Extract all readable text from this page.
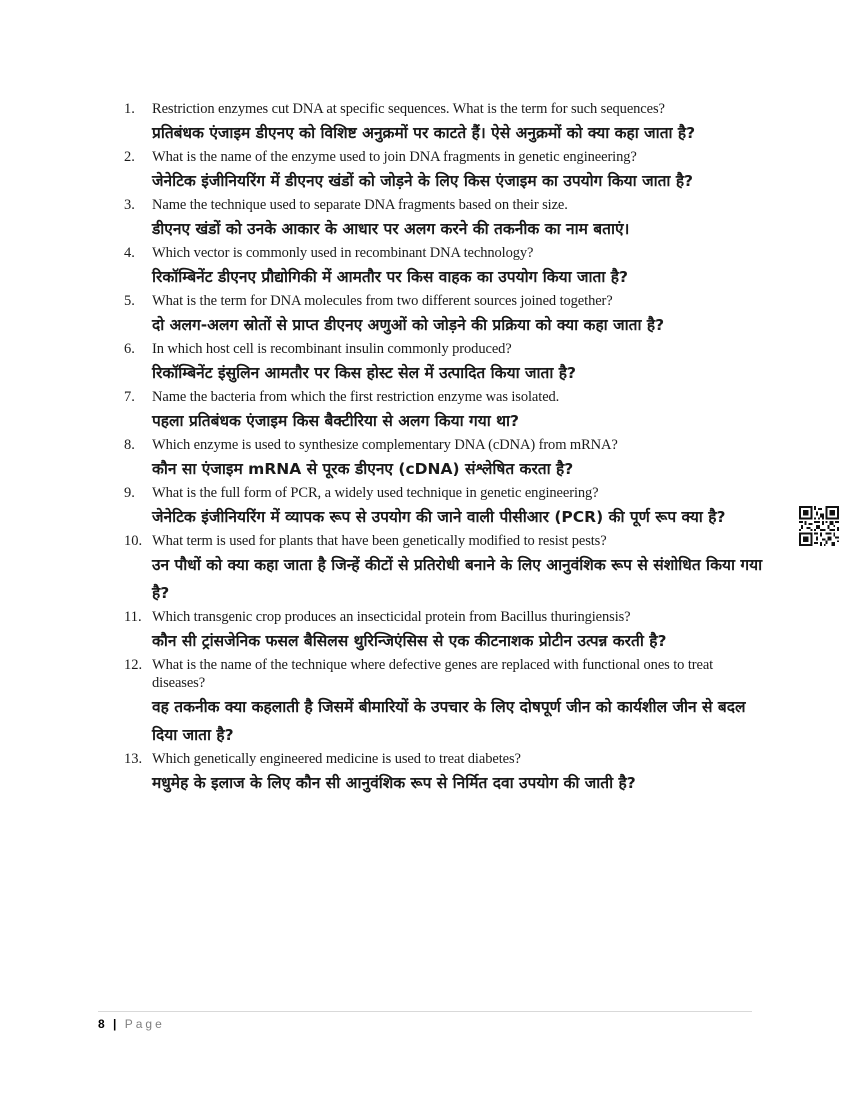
1.	Restriction enzymes cut DNA at specific sequences. What is the term for such sequences?
प्रतिबंधक एंजाइम डीएनए को विशिष्ट अनुक्रमों पर काटते हैं। ऐसे अनुक्रमों को क्या कहा जाता है?
2.	What is the name of the enzyme used to join DNA fragments in genetic engineering?
जेनेटिक इंजीनियरिंग में डीएनए खंडों को जोड़ने के लिए किस एंजाइम का उपयोग किया जाता है?
3.	Name the technique used to separate DNA fragments based on their size.
डीएनए खंडों को उनके आकार के आधार पर अलग करने की तकनीक का नाम बताएं।
4.	Which vector is commonly used in recombinant DNA technology?
रिकॉम्बिनेंट डीएनए प्रौद्योगिकी में आमतौर पर किस वाहक का उपयोग किया जाता है?
5.	What is the term for DNA molecules from two different sources joined together?
दो अलग-अलग स्रोतों से प्राप्त डीएनए अणुओं को जोड़ने की प्रक्रिया को क्या कहा जाता है?
6.	In which host cell is recombinant insulin commonly produced?
रिकॉम्बिनेंट इंसुलिन आमतौर पर किस होस्ट सेल में उत्पादित किया जाता है?
7.	Name the bacteria from which the first restriction enzyme was isolated.
पहला प्रतिबंधक एंजाइम किस बैक्टीरिया से अलग किया गया था?
8.	Which enzyme is used to synthesize complementary DNA (cDNA) from mRNA?
कौन सा एंजाइम mRNA से पूरक डीएनए (cDNA) संश्लेषित करता है?
9.	What is the full form of PCR, a widely used technique in genetic engineering?
जेनेटिक इंजीनियरिंग में व्यापक रूप से उपयोग की जाने वाली पीसीआर (PCR) की पूर्ण रूप क्या है?
10. What term is used for plants that have been genetically modified to resist pests?
उन पौधों को क्या कहा जाता है जिन्हें कीटों से प्रतिरोधी बनाने के लिए आनुवंशिक रूप से संशोधित किया गया है?
11. Which transgenic crop produces an insecticidal protein from Bacillus thuringiensis?
कौन सी ट्रांसजेनिक फसल बैसिलस थुरिन्जिएंसिस से एक कीटनाशक प्रोटीन उत्पन्न करती है?
12. What is the name of the technique where defective genes are replaced with functional ones to treat diseases?
वह तकनीक क्या कहलाती है जिसमें बीमारियों के उपचार के लिए दोषपूर्ण जीन को कार्यशील जीन से बदल दिया जाता है?
13. Which genetically engineered medicine is used to treat diabetes?
मधुमेह के इलाज के लिए कौन सी आनुवंशिक रूप से निर्मित दवा उपयोग की जाती है?
8 | Page
